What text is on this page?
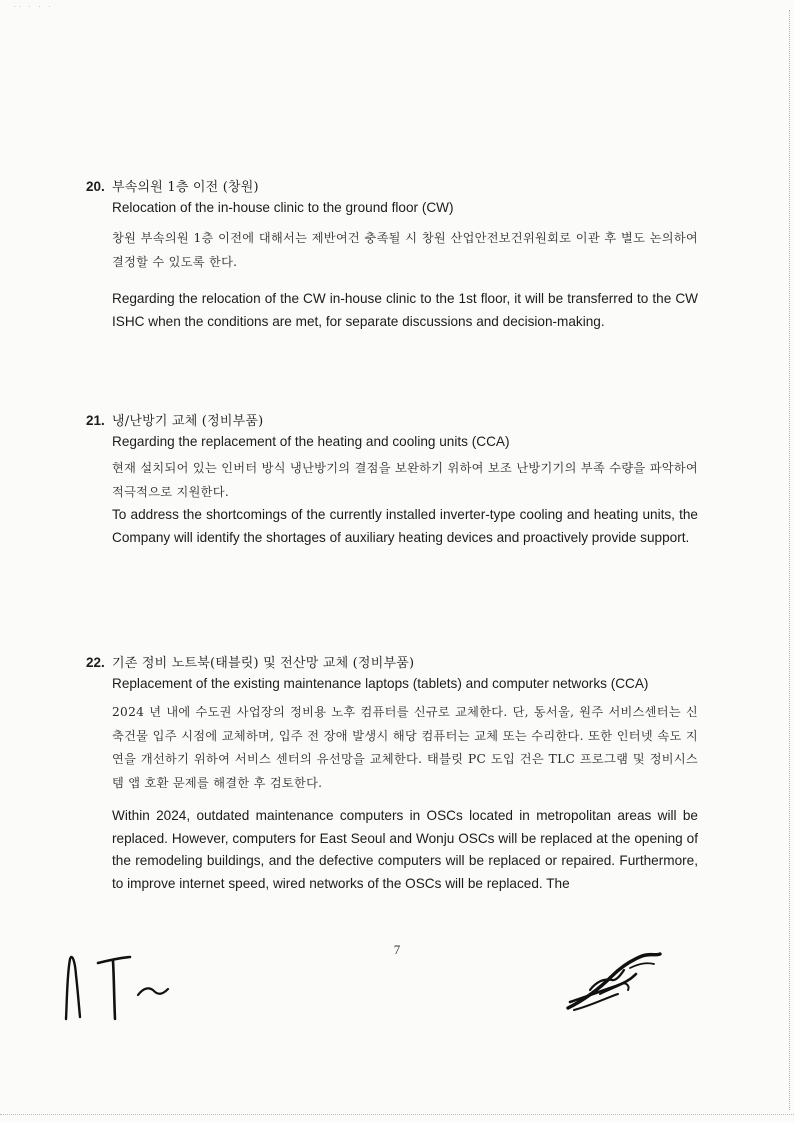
·· · · ·
20. 부속의원 1층 이전 (창원)
Relocation of the in-house clinic to the ground floor (CW)

창원 부속의원 1층 이전에 대해서는 제반여건 충족될 시 창원 산업안전보건위원회로 이관 후 별도 논의하여 결정할 수 있도록 한다.

Regarding the relocation of the CW in-house clinic to the 1st floor, it will be transferred to the CW ISHC when the conditions are met, for separate discussions and decision-making.

21. 냉/난방기 교체 (정비부품)
Regarding the replacement of the heating and cooling units (CCA)

현재 설치되어 있는 인버터 방식 냉난방기의 결점을 보완하기 위하여 보조 난방기기의 부족 수량을 파악하여 적극적으로 지원한다.

To address the shortcomings of the currently installed inverter-type cooling and heating units, the Company will identify the shortages of auxiliary heating devices and proactively provide support.

22. 기존 정비 노트북(태블릿) 및 전산망 교체 (정비부품)
Replacement of the existing maintenance laptops (tablets) and computer networks (CCA)

2024 년 내에 수도권 사업장의 정비용 노후 컴퓨터를 신규로 교체한다. 단, 동서울, 원주 서비스센터는 신축건물 입주 시점에 교체하며, 입주 전 장애 발생시 해당 컴퓨터는 교체 또는 수리한다. 또한 인터넷 속도 지연을 개선하기 위하여 서비스 센터의 유선망을 교체한다. 태블릿 PC 도입 건은 TLC 프로그램 및 정비시스템 앱 호환 문제를 해결한 후 검토한다.

Within 2024, outdated maintenance computers in OSCs located in metropolitan areas will be replaced. However, computers for East Seoul and Wonju OSCs will be replaced at the opening of the remodeling buildings, and the defective computers will be replaced or repaired. Furthermore, to improve internet speed, wired networks of the OSCs will be replaced. The

7
